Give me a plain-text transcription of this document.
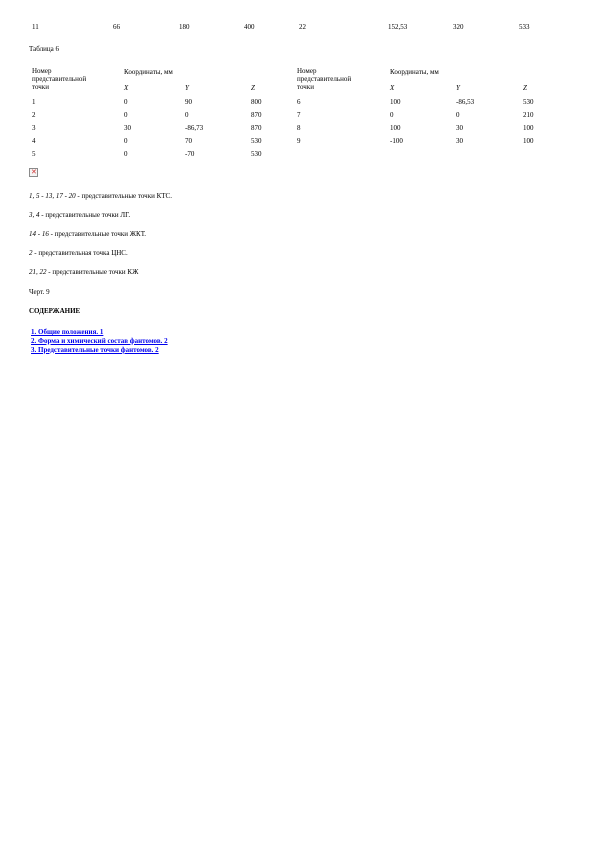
11	66	180	400	22	152,53	320	533
Таблица 6
Номер
представительной
точки
Координаты, мм
X	Y	Z
Номер
представительной
точки
Координаты, мм
X	Y	Z
1	0	90	800
2	0	0	870
3	30	-86,73	870
4	0	70	530
5	0	-70	530
6	100	-86,53	530
7	0	0	210
8	100	30	100
9	-100	30	100
✕
1, 5 - 13, 17 - 20 - представительные точки КТС.
3, 4 - представительные точки ЛГ.
14 - 16 - представительные точки ЖКТ.
2 - представительная точка ЦНС.
21, 22 - представительные точки КЖ
Черт. 9
СОДЕРЖАНИЕ
1. Общие положения. 1
2. Форма и химический состав фантомов. 2
3. Представительные точки фантомов. 2
